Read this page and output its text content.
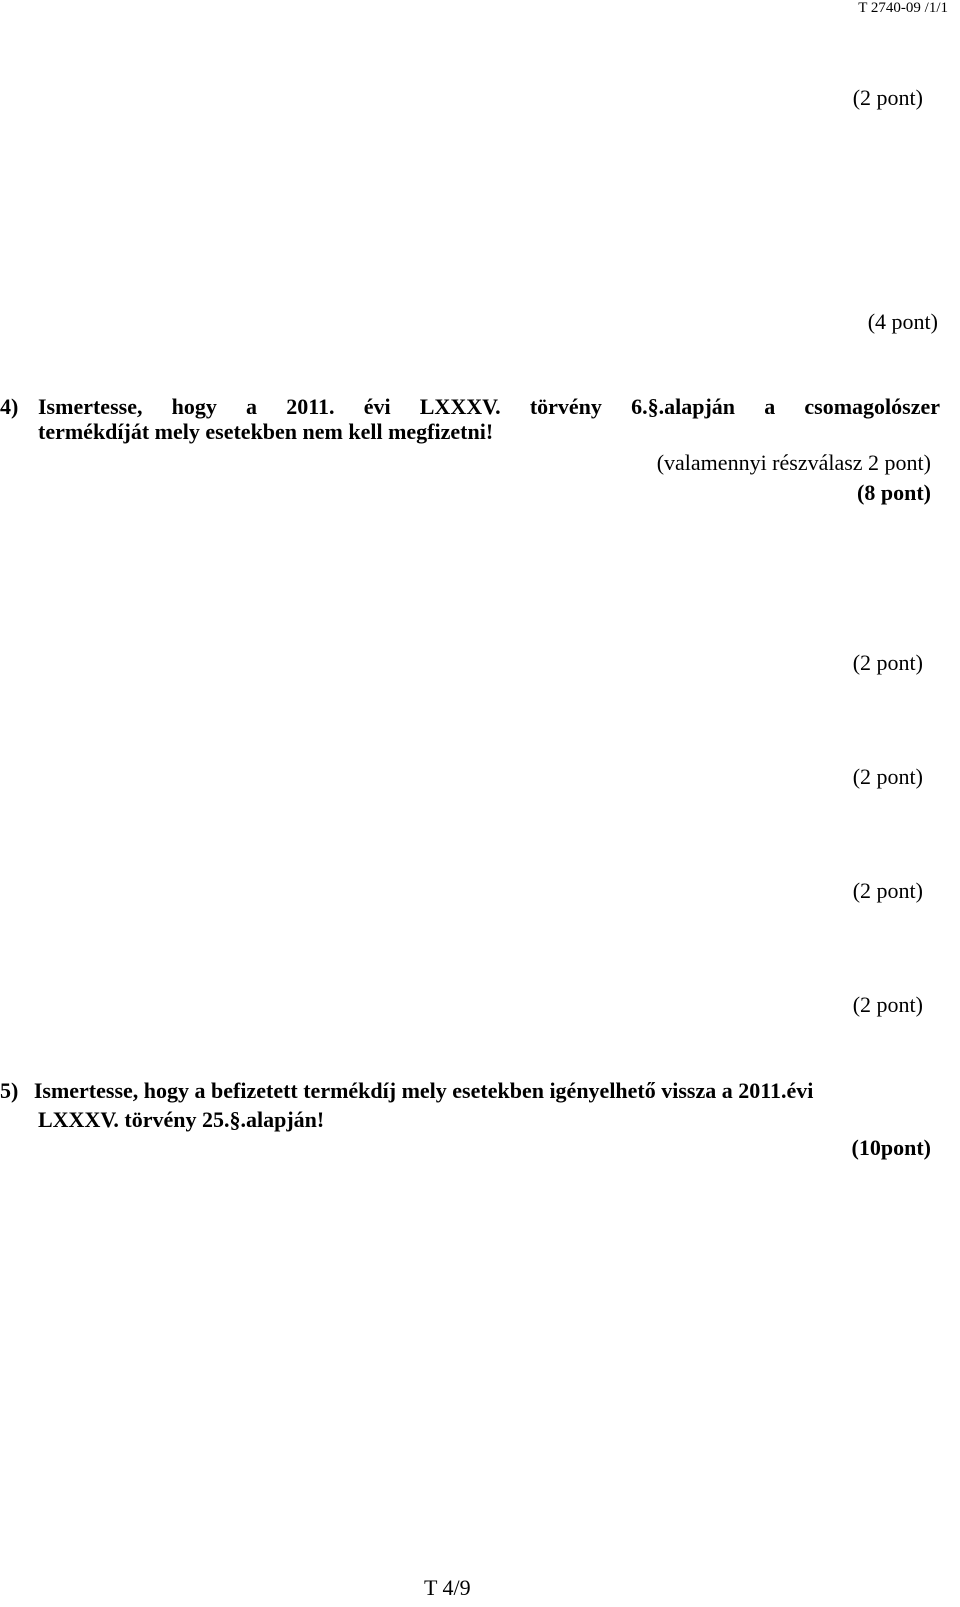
T 2740-09 /1/1
(2 pont)
(4 pont)
4) Ismertesse, hogy a 2011. évi LXXXV. törvény 6.§.alapján a csomagolószer
termékdíját mely esetekben nem kell megfizetni!
(valamennyi részválasz 2 pont)
(8 pont)
(2 pont)
(2 pont)
(2 pont)
(2 pont)
5) Ismertesse, hogy a befizetett termékdíj mely esetekben igényelhető vissza a 2011.évi
LXXXV. törvény 25.§.alapján!
(10pont)
T 4/9
